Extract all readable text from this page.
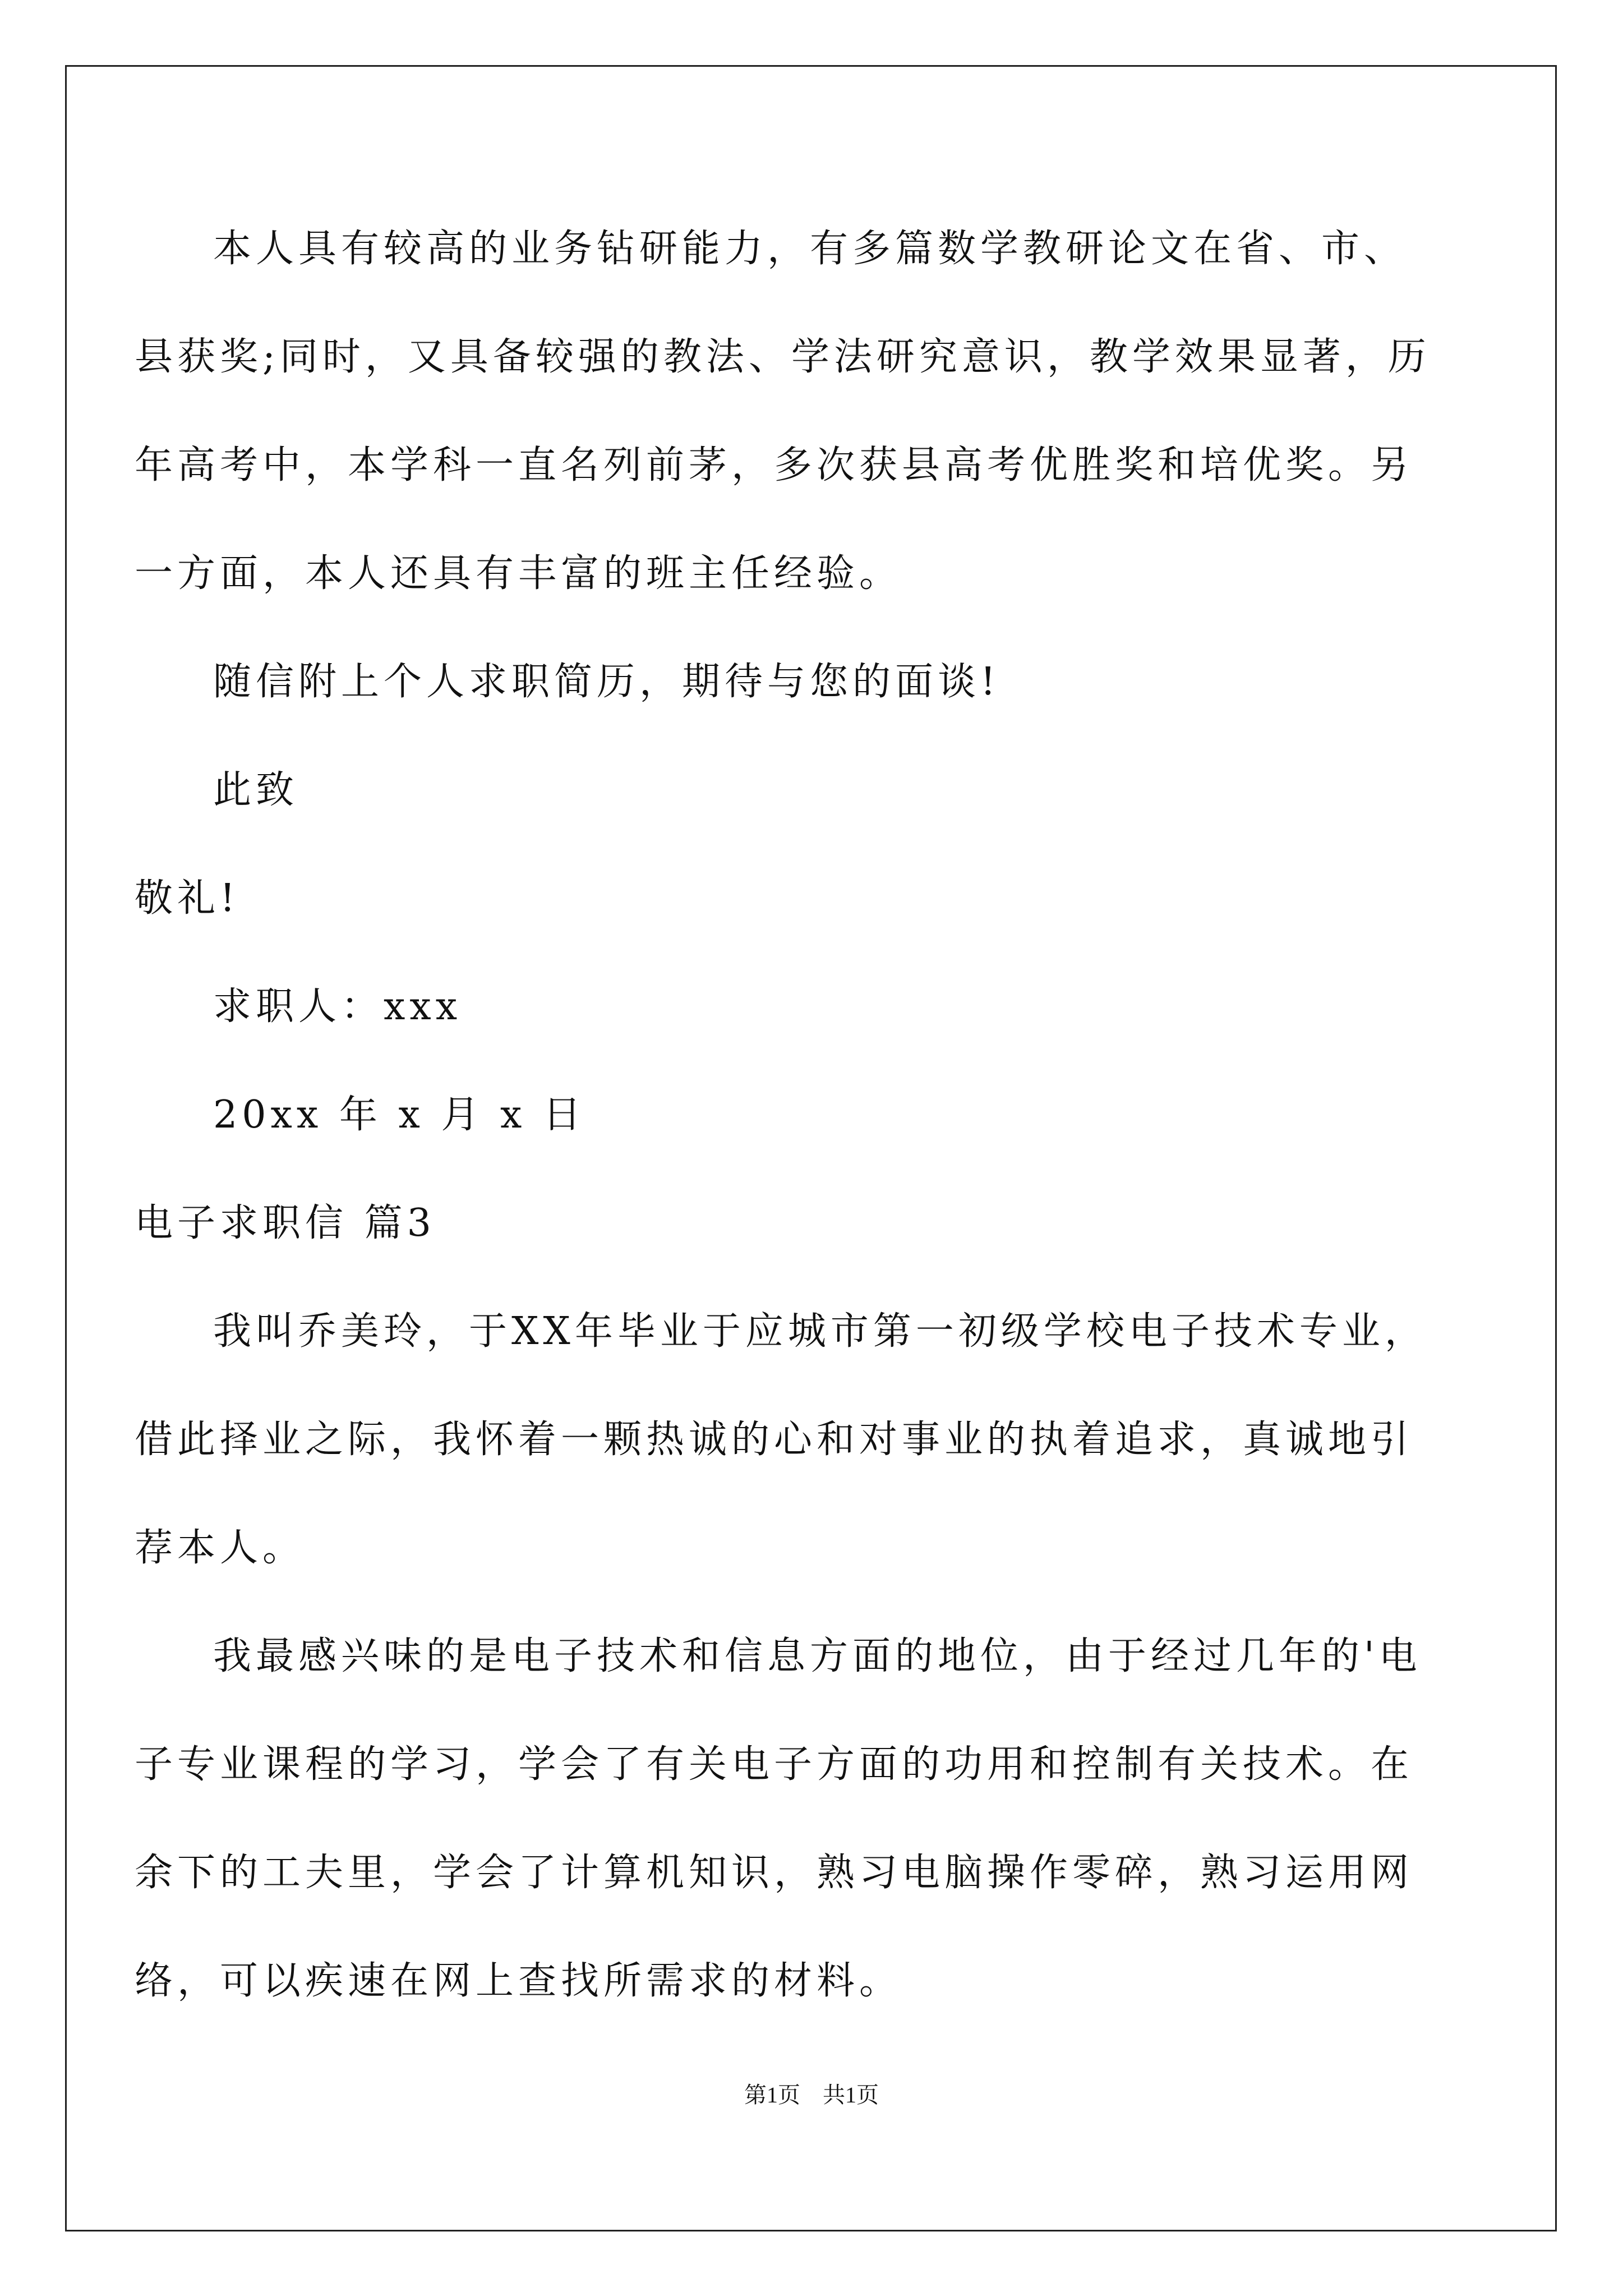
本人具有较高的业务钻研能力，有多篇数学教研论文在省、市、
县获奖;同时，又具备较强的教法、学法研究意识，教学效果显著，历
年高考中，本学科一直名列前茅，多次获县高考优胜奖和培优奖。另
一方面，本人还具有丰富的班主任经验。
随信附上个人求职简历，期待与您的面谈!
此致
敬礼!
求职人：xxx
20xx 年 x 月 x 日
电子求职信 篇3
我叫乔美玲，于XX年毕业于应城市第一初级学校电子技术专业，
借此择业之际，我怀着一颗热诚的心和对事业的执着追求，真诚地引
荐本人。
我最感兴味的是电子技术和信息方面的地位，由于经过几年的'电
子专业课程的学习，学会了有关电子方面的功用和控制有关技术。在
余下的工夫里，学会了计算机知识，熟习电脑操作零碎，熟习运用网
络，可以疾速在网上查找所需求的材料。
第1页    共1页
